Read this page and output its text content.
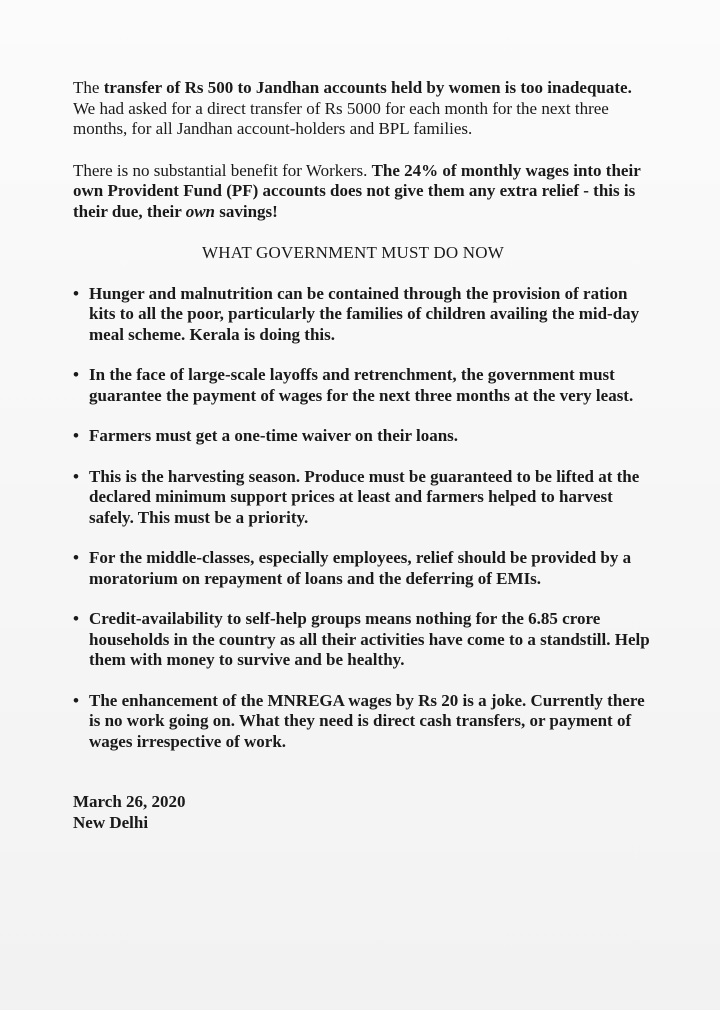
The transfer of Rs 500 to Jandhan accounts held by women is too inadequate. We had asked for a direct transfer of Rs 5000 for each month for the next three months, for all Jandhan account-holders and BPL families.

There is no substantial benefit for Workers. The 24% of monthly wages into their own Provident Fund (PF) accounts does not give them any extra relief - this is their due, their own savings!

WHAT GOVERNMENT MUST DO NOW

• Hunger and malnutrition can be contained through the provision of ration kits to all the poor, particularly the families of children availing the mid-day meal scheme. Kerala is doing this.
• In the face of large-scale layoffs and retrenchment, the government must guarantee the payment of wages for the next three months at the very least.
• Farmers must get a one-time waiver on their loans.
• This is the harvesting season. Produce must be guaranteed to be lifted at the declared minimum support prices at least and farmers helped to harvest safely. This must be a priority.
• For the middle-classes, especially employees, relief should be provided by a moratorium on repayment of loans and the deferring of EMIs.
• Credit-availability to self-help groups means nothing for the 6.85 crore households in the country as all their activities have come to a standstill. Help them with money to survive and be healthy.
• The enhancement of the MNREGA wages by Rs 20 is a joke. Currently there is no work going on. What they need is direct cash transfers, or payment of wages irrespective of work.
March 26, 2020
New Delhi
